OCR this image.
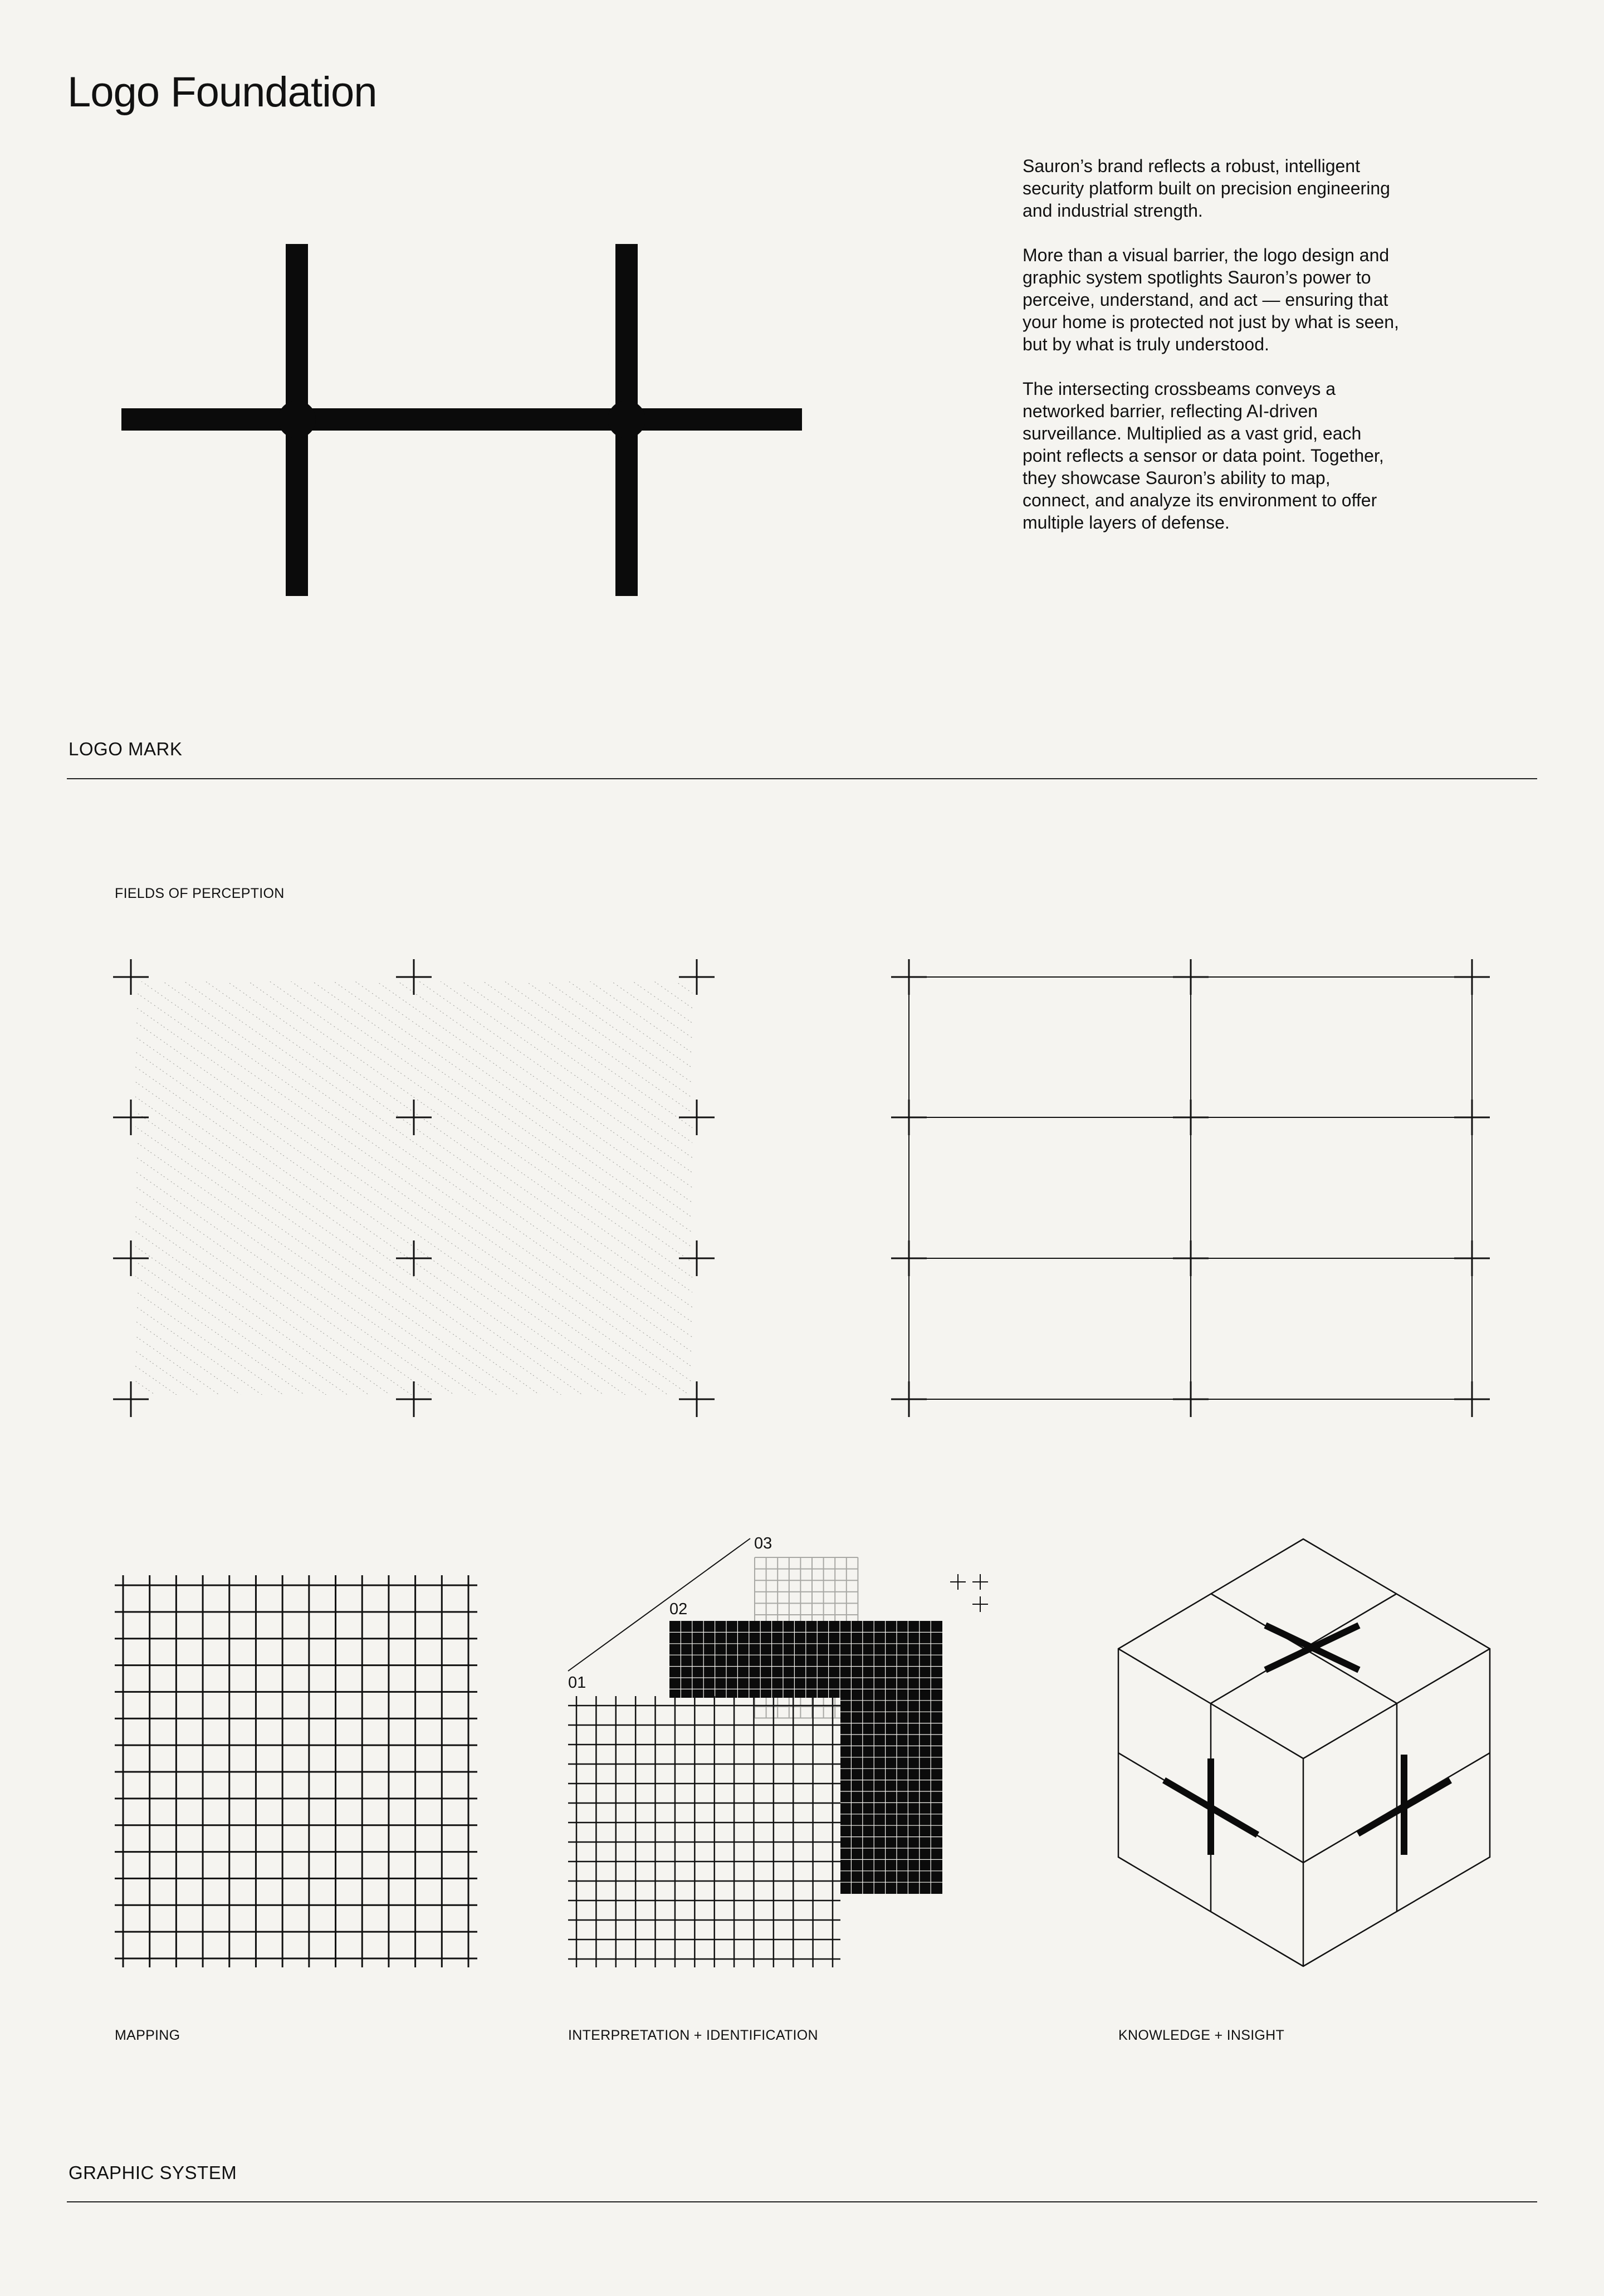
Logo Foundation

Sauron’s brand reflects a robust, intelligent security platform built on precision engineering and industrial strength.

More than a visual barrier, the logo design and graphic system spotlights Sauron’s power to perceive, understand, and act — ensuring that your home is protected not just by what is seen, but by what is truly understood.

The intersecting crossbeams conveys a networked barrier, reflecting AI-driven surveillance. Multiplied as a vast grid, each point reflects a sensor or data point. Together, they showcase Sauron’s ability to map, connect, and analyze its environment to offer multiple layers of defense.

LOGO MARK
FIELDS OF PERCEPTION
01
02
03
MAPPING	INTERPRETATION + IDENTIFICATION	KNOWLEDGE + INSIGHT
GRAPHIC SYSTEM
